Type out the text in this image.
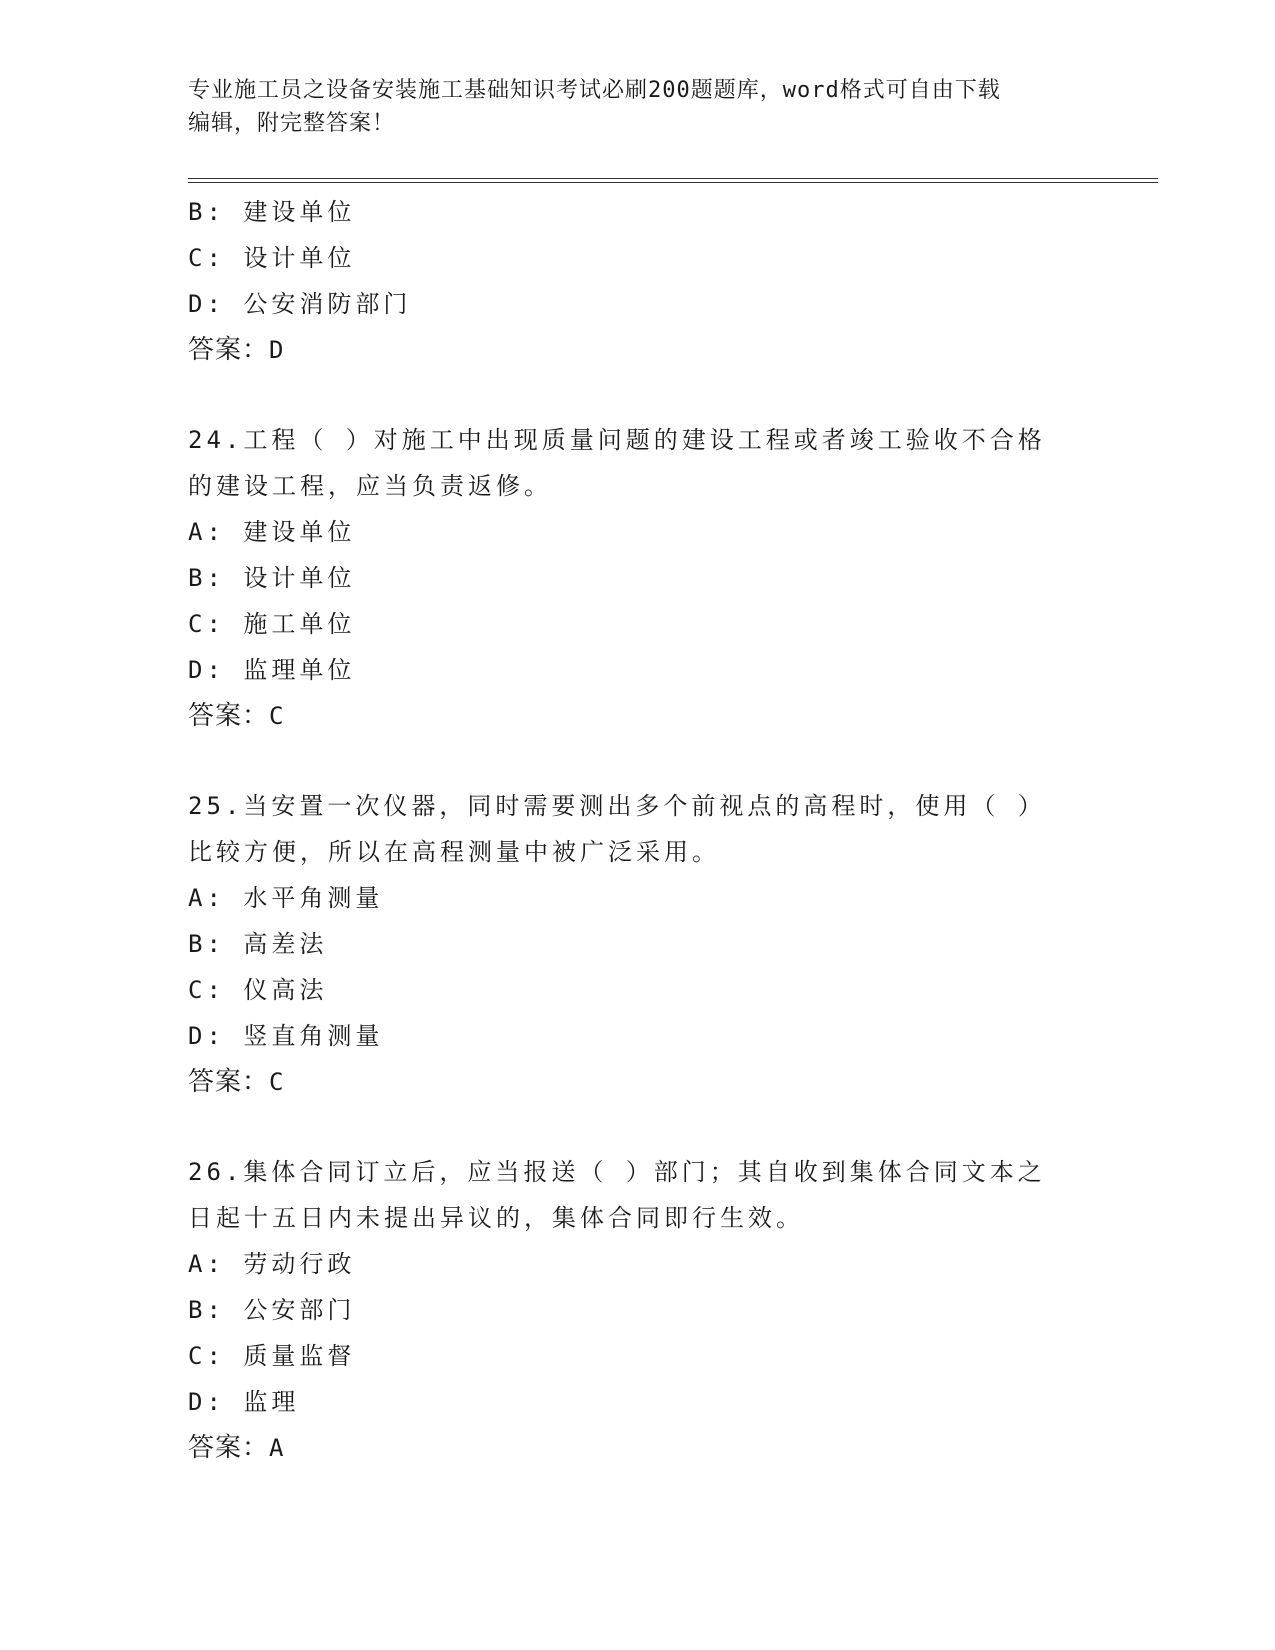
专业施工员之设备安装施工基础知识考试必刷200题题库，word格式可自由下载
编辑，附完整答案！
B: 建设单位
C: 设计单位
D: 公安消防部门
答案：D
24.工程（ ）对施工中出现质量问题的建设工程或者竣工验收不合格
的建设工程，应当负责返修。
A: 建设单位
B: 设计单位
C: 施工单位
D: 监理单位
答案：C
25.当安置一次仪器，同时需要测出多个前视点的高程时，使用（ ）
比较方便，所以在高程测量中被广泛采用。
A: 水平角测量
B: 高差法
C: 仪高法
D: 竖直角测量
答案：C
26.集体合同订立后，应当报送（ ）部门；其自收到集体合同文本之
日起十五日内未提出异议的，集体合同即行生效。
A: 劳动行政
B: 公安部门
C: 质量监督
D: 监理
答案：A
